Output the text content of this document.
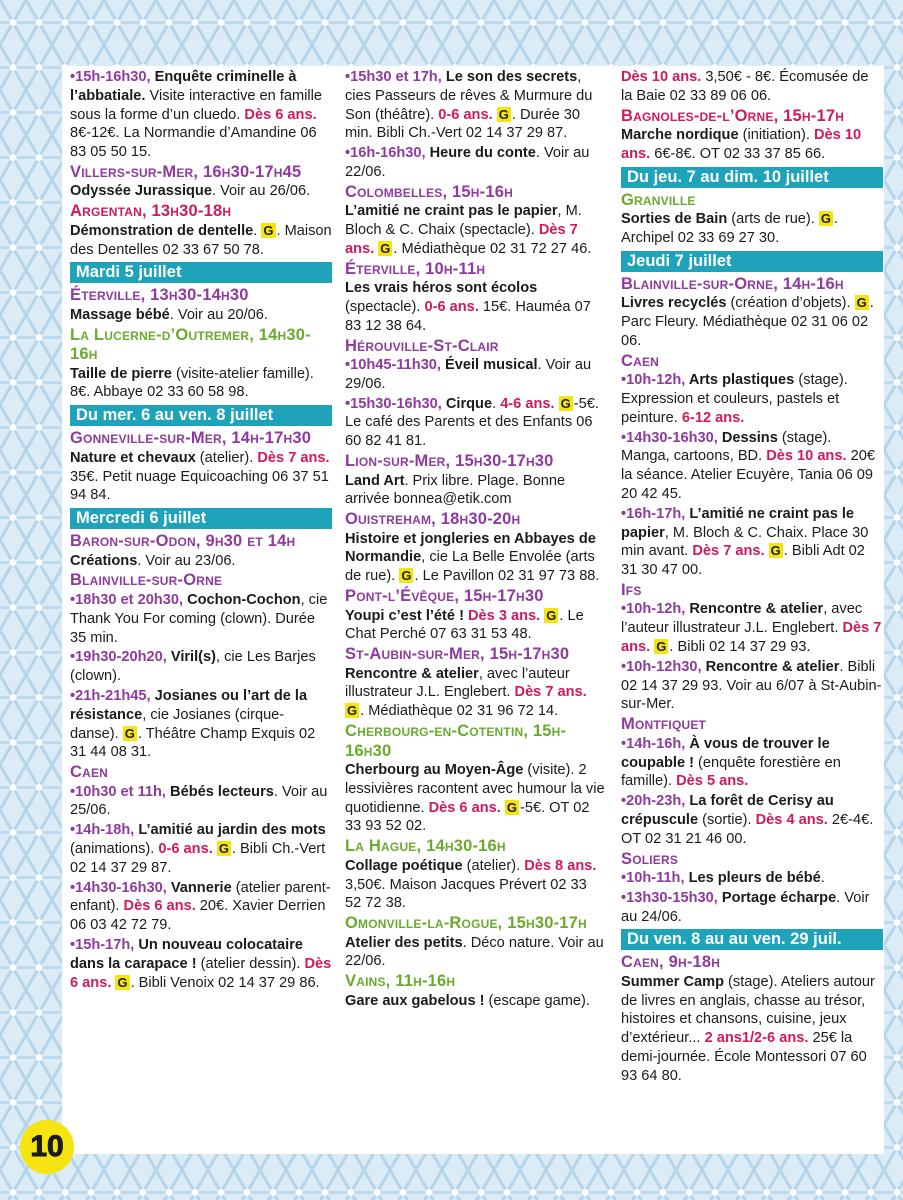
•15h-16h30, Enquête criminelle à l’abbatiale. Visite interactive en famille sous la forme d’un cluedo. Dès 6 ans. 8€-12€. La Normandie d’Amandine 06 83 05 50 15.
Villers-sur-Mer, 16h30-17h45
Odyssée Jurassique. Voir au 26/06.
Argentan, 13h30-18h
Démonstration de dentelle. G . Maison des Dentelles 02 33 67 50 78.
Mardi 5 juillet
Éterville, 13h30-14h30
Massage bébé. Voir au 20/06.
La Lucerne-d’Outremer, 14h30-16h
Taille de pierre (visite-atelier famille). 8€. Abbaye 02 33 60 58 98.
Du mer. 6 au ven. 8 juillet
Gonneville-sur-Mer, 14h-17h30
Nature et chevaux (atelier). Dès 7 ans. 35€. Petit nuage Equicoaching 06 37 51 94 84.
Mercredi 6 juillet
Baron-sur-Odon, 9h30 et 14h
Créations. Voir au 23/06.
Blainville-sur-Orne
•18h30 et 20h30, Cochon-Cochon, cie Thank You For coming (clown). Durée 35 min.
•19h30-20h20, Viril(s), cie Les Barjes (clown).
•21h-21h45, Josianes ou l’art de la résistance, cie Josianes (cirque-danse). G . Théâtre Champ Exquis 02 31 44 08 31.
Caen
•10h30 et 11h, Bébés lecteurs. Voir au 25/06.
•14h-18h, L’amitié au jardin des mots (animations). 0-6 ans. G . Bibli Ch.-Vert 02 14 37 29 87.
•14h30-16h30, Vannerie (atelier parent-enfant). Dès 6 ans. 20€. Xavier Derrien 06 03 42 72 79.
•15h-17h, Un nouveau colocataire dans la carapace ! (atelier dessin). Dès 6 ans. G . Bibli Venoix 02 14 37 29 86.
•15h30 et 17h, Le son des secrets, cies Passeurs de rêves & Murmure du Son (théâtre). 0-6 ans. G . Durée 30 min. Bibli Ch.-Vert 02 14 37 29 87.
•16h-16h30, Heure du conte. Voir au 22/06.
Colombelles, 15h-16h
L’amitié ne craint pas le papier, M. Bloch & C. Chaix (spectacle). Dès 7 ans. G . Médiathèque 02 31 72 27 46.
Éterville, 10h-11h
Les vrais héros sont écolos (spectacle). 0-6 ans. 15€. Hauméa 07 83 12 38 64.
Hérouville-St-Clair
•10h45-11h30, Éveil musical. Voir au 29/06.
•15h30-16h30, Cirque. 4-6 ans. G -5€. Le café des Parents et des Enfants 06 60 82 41 81.
Lion-sur-Mer, 15h30-17h30
Land Art. Prix libre. Plage. Bonne arrivée bonnea@etik.com
Ouistreham, 18h30-20h
Histoire et jongleries en Abbayes de Normandie, cie La Belle Envolée (arts de rue). G . Le Pavillon 02 31 97 73 88.
Pont-l’Évêque, 15h-17h30
Youpi c’est l’été ! Dès 3 ans. G . Le Chat Perché 07 63 31 53 48.
St-Aubin-sur-Mer, 15h-17h30
Rencontre & atelier, avec l’auteur illustrateur J.L. Englebert. Dès 7 ans. G . Médiathèque 02 31 96 72 14.
Cherbourg-en-Cotentin, 15h-16h30
Cherbourg au Moyen-Âge (visite). 2 lessivières racontent avec humour la vie quotidienne. Dès 6 ans. G -5€. OT 02 33 93 52 02.
La Hague, 14h30-16h
Collage poétique (atelier). Dès 8 ans. 3,50€. Maison Jacques Prévert 02 33 52 72 38.
Omonville-la-Rogue, 15h30-17h
Atelier des petits. Déco nature. Voir au 22/06.
Vains, 11h-16h
Gare aux gabelous ! (escape game).
Dès 10 ans. 3,50€ - 8€. Écomusée de la Baie 02 33 89 06 06.
Bagnoles-de-l’Orne, 15h-17h
Marche nordique (initiation). Dès 10 ans. 6€-8€. OT 02 33 37 85 66.
Du jeu. 7 au dim. 10 juillet
Granville
Sorties de Bain (arts de rue). G . Archipel 02 33 69 27 30.
Jeudi 7 juillet
Blainville-sur-Orne, 14h-16h
Livres recyclés (création d’objets). G . Parc Fleury. Médiathèque 02 31 06 02 06.
Caen
•10h-12h, Arts plastiques (stage). Expression et couleurs, pastels et peinture. 6-12 ans.
•14h30-16h30, Dessins (stage). Manga, cartoons, BD. Dès 10 ans. 20€ la séance. Atelier Ecuyère, Tania 06 09 20 42 45.
•16h-17h, L’amitié ne craint pas le papier, M. Bloch & C. Chaix. Place 30 min avant. Dès 7 ans. G . Bibli Adt 02 31 30 47 00.
Ifs
•10h-12h, Rencontre & atelier, avec l’auteur illustrateur J.L. Englebert. Dès 7 ans. G . Bibli 02 14 37 29 93.
•10h-12h30, Rencontre & atelier. Bibli 02 14 37 29 93. Voir au 6/07 à St-Aubin-sur-Mer.
Montfiquet
•14h-16h, À vous de trouver le coupable ! (enquête forestière en famille). Dès 5 ans.
•20h-23h, La forêt de Cerisy au crépuscule (sortie). Dès 4 ans. 2€-4€. OT 02 31 21 46 00.
Soliers
•10h-11h, Les pleurs de bébé.
•13h30-15h30, Portage écharpe. Voir au 24/06.
Du ven. 8 au au ven. 29 juil.
Caen, 9h-18h
Summer Camp (stage). Ateliers autour de livres en anglais, chasse au trésor, histoires et chansons, cuisine, jeux d’extérieur... 2 ans1/2-6 ans. 25€ la demi-journée. École Montessori 07 60 93 64 80.
10
